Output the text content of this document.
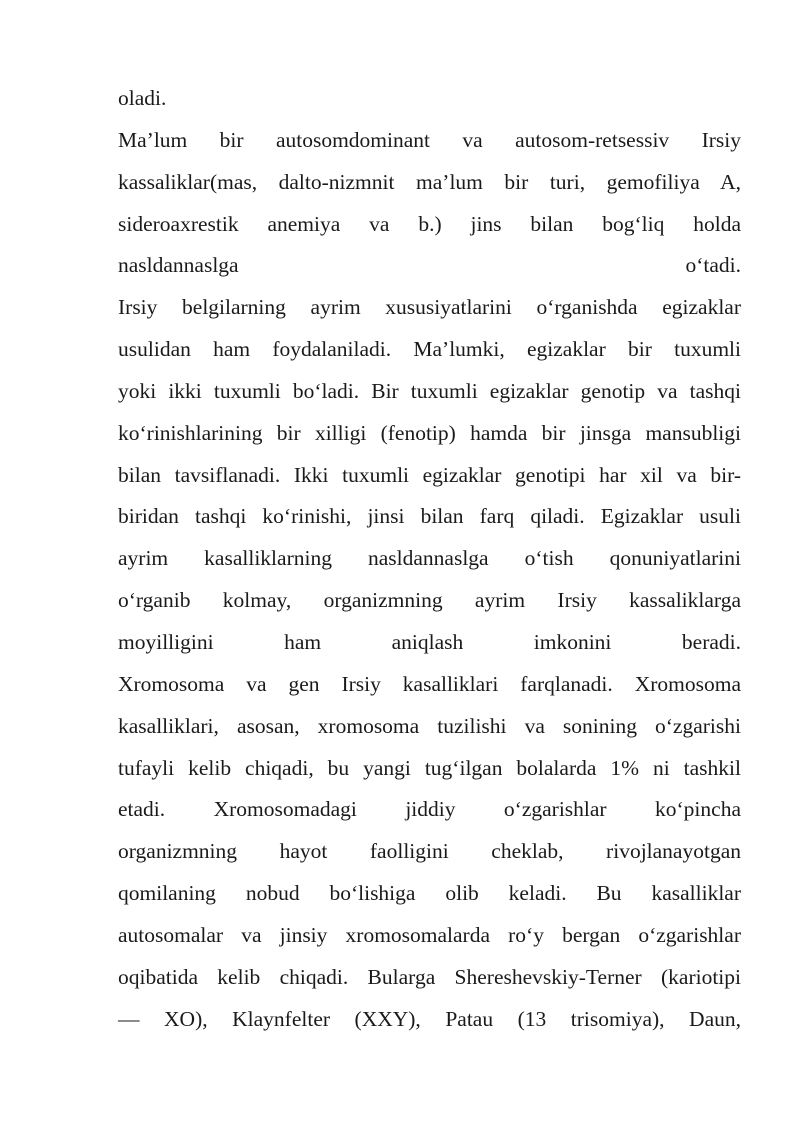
oladi.
Ma’lum bir autosomdominant va autosom-retsessiv Irsiy
kassaliklar(mas, dalto-nizmnit ma’lum bir turi, gemofiliya A,
sideroaxrestik anemiya va b.) jins bilan bog‘liq holda
nasldannaslga o‘tadi.
Irsiy belgilarning ayrim xususiyatlarini o‘rganishda egizaklar
usulidan ham foydalaniladi. Ma’lumki, egizaklar bir tuxumli
yoki ikki tuxumli bo‘ladi. Bir tuxumli egizaklar genotip va tashqi
ko‘rinishlarining bir xilligi (fenotip) hamda bir jinsga mansubligi
bilan tavsiflanadi. Ikki tuxumli egizaklar genotipi har xil va bir-
biridan tashqi ko‘rinishi, jinsi bilan farq qiladi. Egizaklar usuli
ayrim kasalliklarning nasldannaslga o‘tish qonuniyatlarini
o‘rganib kolmay, organizmning ayrim Irsiy kassaliklarga
moyilligini ham aniqlash imkonini beradi.
Xromosoma va gen Irsiy kasalliklari farqlanadi. Xromosoma
kasalliklari, asosan, xromosoma tuzilishi va sonining o‘zgarishi
tufayli kelib chiqadi, bu yangi tug‘ilgan bolalarda 1% ni tashkil
etadi. Xromosomadagi jiddiy o‘zgarishlar ko‘pincha
organizmning hayot faolligini cheklab, rivojlanayotgan
qomilaning nobud bo‘lishiga olib keladi. Bu kasalliklar
autosomalar va jinsiy xromosomalarda ro‘y bergan o‘zgarishlar
oqibatida kelib chiqadi. Bularga Shereshevskiy-Terner (kariotipi
— XO), Klaynfelter (XXY), Patau (13 trisomiya), Daun,
